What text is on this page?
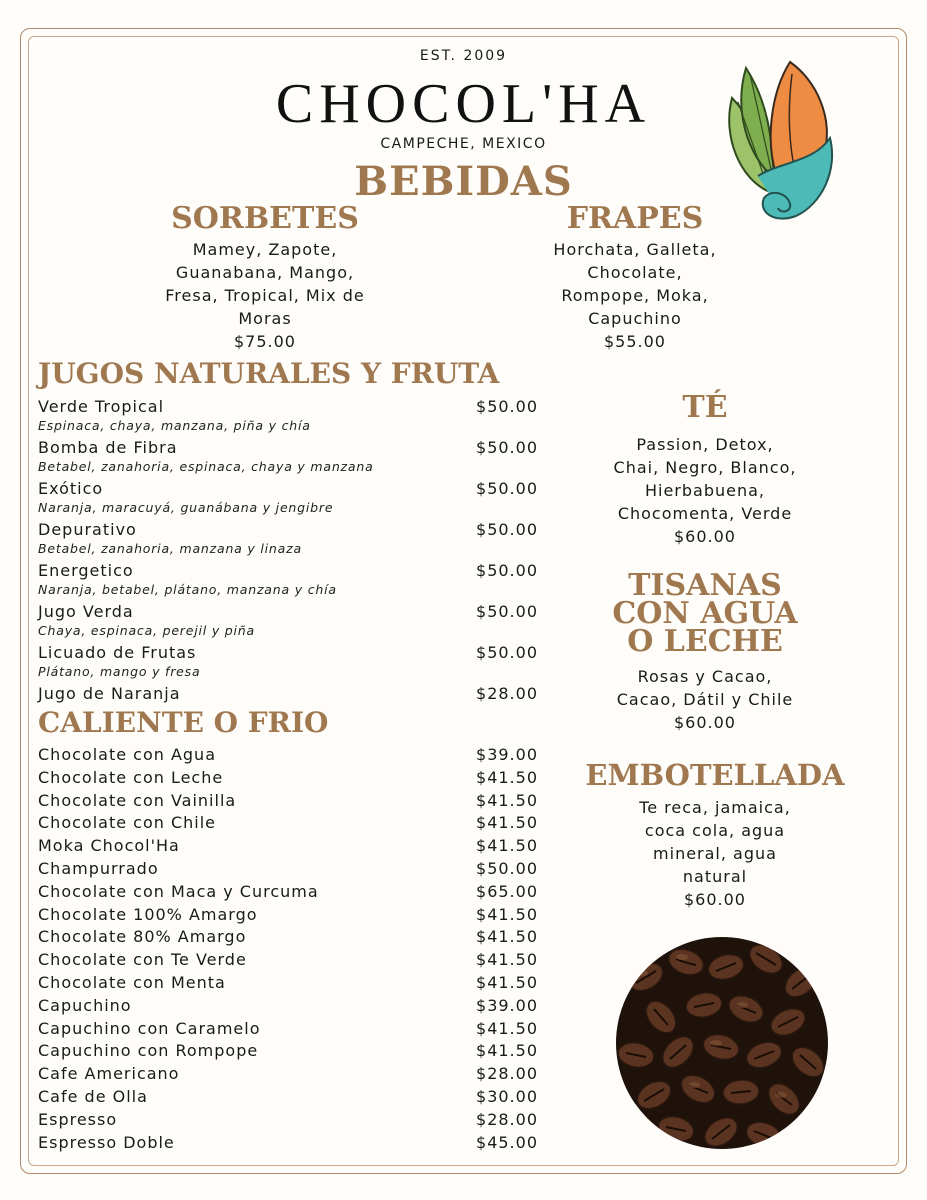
EST. 2009
CHOCOL'HA
CAMPECHE, MEXICO
BEBIDAS
SORBETES
Mamey, Zapote,
Guanabana, Mango,
Fresa, Tropical, Mix de
Moras
$75.00
FRAPES
Horchata, Galleta,
Chocolate,
Rompope, Moka,
Capuchino
$55.00
JUGOS NATURALES Y FRUTA
Verde Tropical
Espinaca, chaya, manzana, piña y chía
$50.00
Bomba de Fibra
Betabel, zanahoria, espinaca, chaya y manzana
$50.00
Exótico
Naranja, maracuyá, guanábana y jengibre
$50.00
Depurativo
Betabel, zanahoria, manzana y linaza
$50.00
Energetico
Naranja, betabel, plátano, manzana y chía
$50.00
Jugo Verda
Chaya, espinaca, perejil y piña
$50.00
Licuado de Frutas
Plátano, mango y fresa
$50.00
Jugo de Naranja	$28.00
CALIENTE O FRIO
Chocolate con Agua	$39.00
Chocolate con Leche	$41.50
Chocolate con Vainilla	$41.50
Chocolate con Chile	$41.50
Moka Chocol'Ha	$41.50
Champurrado	$50.00
Chocolate con Maca y Curcuma	$65.00
Chocolate 100% Amargo	$41.50
Chocolate 80% Amargo	$41.50
Chocolate con Te Verde	$41.50
Chocolate con Menta	$41.50
Capuchino	$39.00
Capuchino con Caramelo	$41.50
Capuchino con Rompope	$41.50
Cafe Americano	$28.00
Cafe de Olla	$30.00
Espresso	$28.00
Espresso Doble	$45.00
TÉ
Passion, Detox,
Chai, Negro, Blanco,
Hierbabuena,
Chocomenta, Verde
$60.00
TISANAS
CON AGUA
O LECHE
Rosas y Cacao,
Cacao, Dátil y Chile
$60.00
EMBOTELLADA
Te reca, jamaica,
coca cola, agua
mineral, agua
natural
$60.00
